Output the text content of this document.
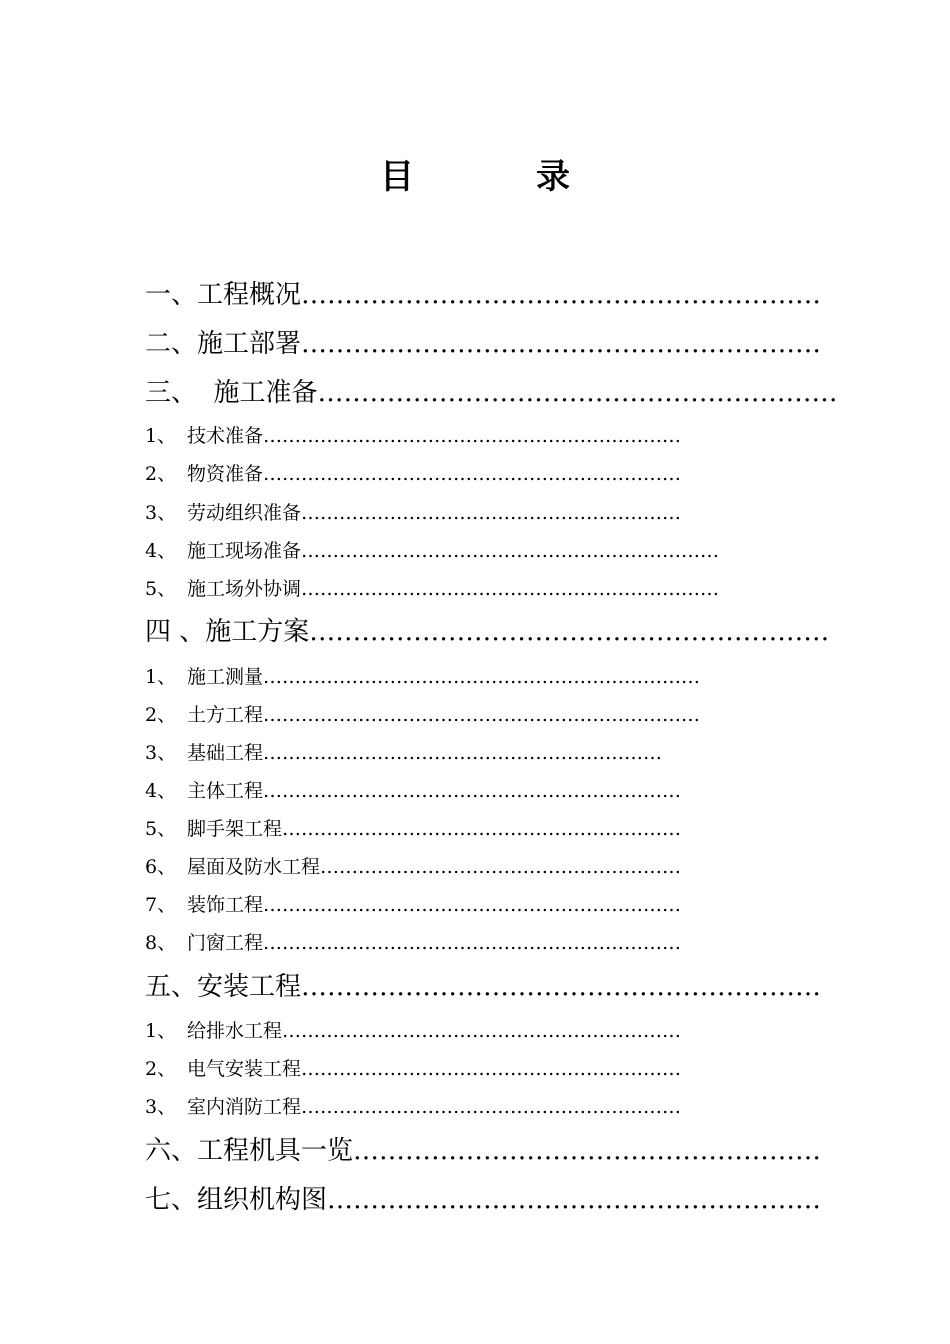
目　录
一、工程概况……………………………………………………
二、施工部署……………………………………………………
三、  施工准备……………………………………………………
1、 技术准备…………………………………………………………
2、 物资准备…………………………………………………………
3、 劳动组织准备……………………………………………………
4、 施工现场准备…………………………………………………………
5、 施工场外协调…………………………………………………………
四 、施工方案……………………………………………………
1、 施工测量……………………………………………………………
2、 土方工程……………………………………………………………
3、 基础工程………………………………………………………
4、 主体工程…………………………………………………………
5、 脚手架工程………………………………………………………
6、 屋面及防水工程…………………………………………………
7、 装饰工程…………………………………………………………
8、 门窗工程…………………………………………………………
五、安装工程……………………………………………………
1、 给排水工程………………………………………………………
2、 电气安装工程……………………………………………………
3、 室内消防工程……………………………………………………
六、工程机具一览………………………………………………
七、组织机构图…………………………………………………
